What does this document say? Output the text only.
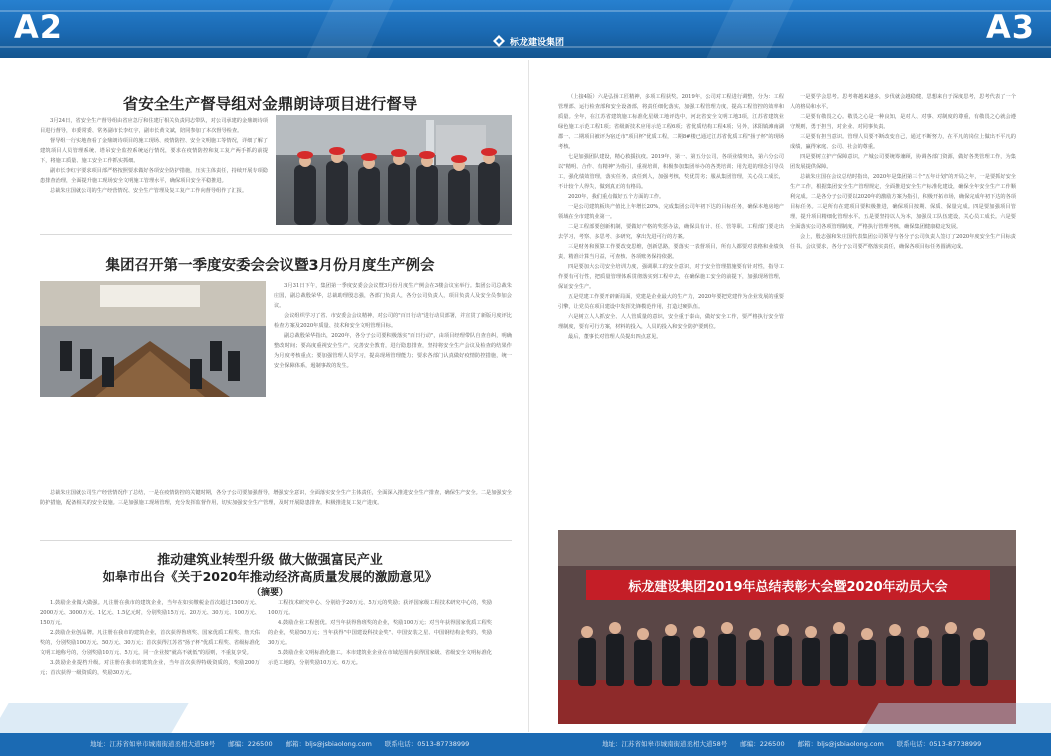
A2	标龙建设集团	A3
省安全生产督导组对金鼎朗诗项目进行督导

3月24日，省安全生产督导组由省应急厅和住建厅相关负责同志带队，对公司承建的金鼎朗诗项目进行督导，市委常委、常务副市长李红宇，副市长黄文斌，陪同参加了本次督导检查。

督导组一行实地查看了金鼎朗诗项目的施工现场、疫情防控、安全文明施工等情况，详细了解了建筑项目人员管理系统、塔吊安全监控系统运行情况，要求在疫情防控和复工复产两手抓的前提下，将施工质量、施工安全工作抓实抓细。

副市长李红宇要求项目部严格按照要求做好各项安全防护措施，压实主体责任，持续开展专项隐患排查治理，全面提升施工现场安全文明施工管理水平，确保项目安全平稳推进。

总裁朱庄国就公司的生产经营情况、安全生产管理及复工复产工作向督导组作了汇报。

集团召开第一季度安委会会议暨3月份月度生产例会

3月31日下午，集团第一季度安委会会议暨3月份月度生产例会在3楼会议室举行。集团公司总裁朱庄国，副总裁殷荣华，总裁助理殷志强，各部门负责人，各分公司负责人，项目负责人及安全员参加会议。

会议组织学习了省、市安委会会议精神，对公司的"百日行动"进行动员部署，并宣贯了新版月度评比检查方案及2020年质量、技术和安全文明管理目标。

副总裁殷荣华指出，2020年，各分子公司要积极落实"百日行动"，由项目经理带队自查自纠，明确整改时间；要高度重视安全生产，完善安全教育，进行隐患排查，坚持将安全生产会议及检查的结果作为月度考核重点；要加强管理人员学习，提高现场管理能力；要求各部门认真做好疫情防控措施，统一安全保障体系，遏制事故的发生。

总裁朱庄国就公司生产经营情况作了总结，一是在疫情防控的关键时期，各分子公司要加强督导，增强安全意识，全面落实安全生产主体责任，全面深入推进安全生产排查，确保生产安全。二是加强安全防护措施，配备相关的安全设施。三是加强施工现场管理，充分发挥监督作用，切实加强安全生产管理，及时开展隐患排查，积极推进复工复产进度。

推动建筑业转型升级 做大做强富民产业
如皋市出台《关于2020年推动经济高质量发展的激励意见》
（摘要）

1.鼓励企业做大做强。凡注册在我市的建筑企业，当年在如实缴税金首次超过1500万元、2000万元、3000万元、1亿元、1.5亿元时，分别奖励15万元、20万元、30万元、100万元、150万元。

2.鼓励企业创品牌。凡注册在我市的建筑企业，首次获得鲁班奖、国家优质工程奖、詹天佑奖的，分别奖励100万元、50万元、30万元；首次获得江苏省"扬子杯"优质工程奖、省级标准化文明工地称号的，分别奖励10万元、5万元，同一企业按"就高不就低"的原则，不重复享受。

3.鼓励企业提档升级。对注册在我市的建筑企业，当年首次获得特级资质的，奖励200万元；首次获得一级资质的，奖励30万元。

工程技术研究中心、分别给予20万元、5万元的奖励；获评国家级工程技术研究中心的，奖励100万元。

4.鼓励企业工程创优。对当年获得鲁班奖的企业，奖励100万元；对当年获得国家优质工程奖的企业，奖励50万元；当年获得"中国建设科技金奖"、中国安装之星、中国钢结构金奖的，奖励30万元。

5.鼓励企业文明标准化施工。本市建筑业企业在市域范围内获得国家级、省级安全文明标准化示范工地的，分别奖励10万元、6万元。

（上接4版）六是弘扬工匠精神，多项工程获奖。2019年，公司对工程进行调整，分为：工程管理部、运行检查部和安全设备部，将责任细化落实，加强工程管理力度，提高工程管控的效率和质量。全年，在江苏省建筑施工标准化星级工地评选中，河北省安全文明工地3项，江苏省建筑业绿色施工示范工程1项；省级新技术应用示范工程6项；省优质结构工程4项；另外，沭阳镇滩南湖郡一、二期项目被评为宿迁市"项目杯"优质工程，二期8#楼已通过江苏省优质工程"扬子杯"的现场考核。

七是加强团队建设，精心救援抗疫。2019年，第一、第五分公司，各项业绩突出，第六分公司以"精明、合作、有精神"为指引，重视培训，积极参加集团举办的各类培训；用先进的理念引导员工，强化绩效管理，落实任务，责任到人，加强考核，奖优罚劣；服从集团管理，关心员工成长，不计较个人得失，做到真正的有格局。

2020年，我们重点做好五个方面的工作。

一是公司建筑板块产值比上年增长20%，完成集团公司年初下达的目标任务，确保本地房地产领域在全市建筑业第一。

二是工程部要创新机制，要做好产格的奖惩办法，确保具有计、任、管等职。工程部门要走出去学习，考察、多思考、多研究，拿出先进可行的方案。

三是财务和预算工作要改变思维，创新思路，要落实一表督项目，所有人都要对表格和业绩负责，精准计算当月益，可查核、各项账务保持依据。

四是要加大公司安全培训力度，强调职工的安全意识，对于安全管理措施要有针对性，指导工作要有可行性，把质量管理体系贯彻落实到工程中去，在确保施工安全的前提下，加强现场管理，保证安全生产。

五是党建工作要开辟新局面，党建是企业最大的生产力，2020年要把党建作为企业发展的重要引擎，让党员在项目建设中发挥先锋模范作用，打造过硬队伍。

六是树立人人抓安全、人人管质量的意识，安全重于泰山，做好安全工作，要严格执行安全管理制度，要有可行方案，材料的投入，人员的投入和安全防护要到位。

最后，董事长对管理人员提出四点意见。

一是要学会思考。思考将越来越多，步伐就会越稳健，思想来自于深度思考，思考代表了一个人的格局和水平。

二是要有敬畏之心。敬畏之心是一种良知，是对人、对事、对制度的尊重，有敬畏之心就会遵守规则，勇于担当，对企业、对同事负责。

三是要有担当意识。管理人员要不断改变自己，通过不断努力，在平凡的岗位上做出不平凡的成绩，赢得家庭、公司、社会的尊重。

四是要树立护产保障意识，产城公司要统筹兼顾，协调各部门资源，做好各类管理工作，为集团发展提供保障。

总裁朱庄国在会议总结时指出，2020年是集团第三个"五年计划"的开局之年，一是要抓好安全生产工作，根据集团安全生产管理规定，全面推进安全生产标准化建设，确保全年安全生产工作顺利完成。二是各分子公司要以2020年的激励方案为指引，积极开拓市场，确保完成年初下达的各项目标任务。三是所有在建项目要积极推进，确保项目按期、保质、保量完成。四是要加强项目管理，提升项目精细化管理水平。五是要坚持以人为本，加强员工队伍建设，关心员工成长。六是要全面落实公司各项管理制度，严格执行管理考核，确保集团健康稳定发展。

会上，殷志强和朱庄国代表集团公司领导与各分子公司负责人签订了2020年度安全生产目标责任书。会议要求，各分子公司要严格落实责任，确保各项目标任务圆满完成。

标龙建设集团2019年总结表彰大会暨2020年动员大会
地址：江苏省如皋市城南街道丞相大道58号　　邮编：226500　　邮箱：bljs@jsbiaolong.com　　联系电话：0513-87738999	地址：江苏省如皋市城南街道丞相大道58号　　邮编：226500　　邮箱：bljs@jsbiaolong.com　　联系电话：0513-87738999
